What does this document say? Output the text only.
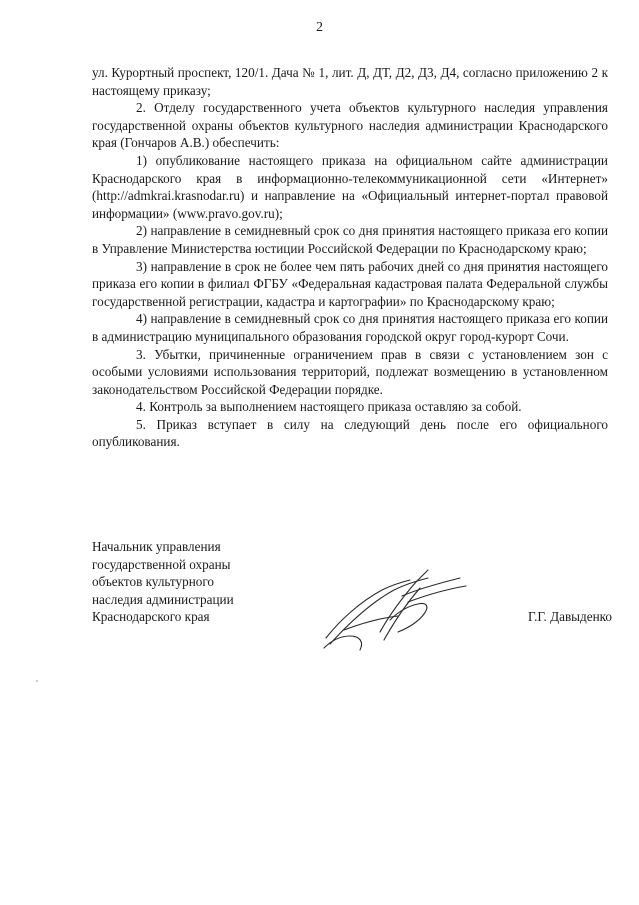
2

ул. Курортный проспект, 120/1. Дача № 1, лит. Д, ДТ, Д2, Д3, Д4, согласно приложению 2 к настоящему приказу;

2. Отделу государственного учета объектов культурного наследия управления государственной охраны объектов культурного наследия администрации Краснодарского края (Гончаров А.В.) обеспечить:

1) опубликование настоящего приказа на официальном сайте администрации Краснодарского края в информационно-телекоммуникационной сети «Интернет» (http://admkrai.krasnodar.ru) и направление на «Официальный интернет-портал правовой информации» (www.pravo.gov.ru);

2) направление в семидневный срок со дня принятия настоящего приказа его копии в Управление Министерства юстиции Российской Федерации по Краснодарскому краю;

3) направление в срок не более чем пять рабочих дней со дня принятия настоящего приказа его копии в филиал ФГБУ «Федеральная кадастровая палата Федеральной службы государственной регистрации, кадастра и картографии» по Краснодарскому краю;

4) направление в семидневный срок со дня принятия настоящего приказа его копии в администрацию муниципального образования городской округ город-курорт Сочи.

3. Убытки, причиненные ограничением прав в связи с установлением зон с особыми условиями использования территорий, подлежат возмещению в установленном законодательством Российской Федерации порядке.

4. Контроль за выполнением настоящего приказа оставляю за собой.

5. Приказ вступает в силу на следующий день после его официального опубликования.

Начальник управления
государственной охраны
объектов культурного
наследия администрации
Краснодарского края	Г.Г. Давыденко
